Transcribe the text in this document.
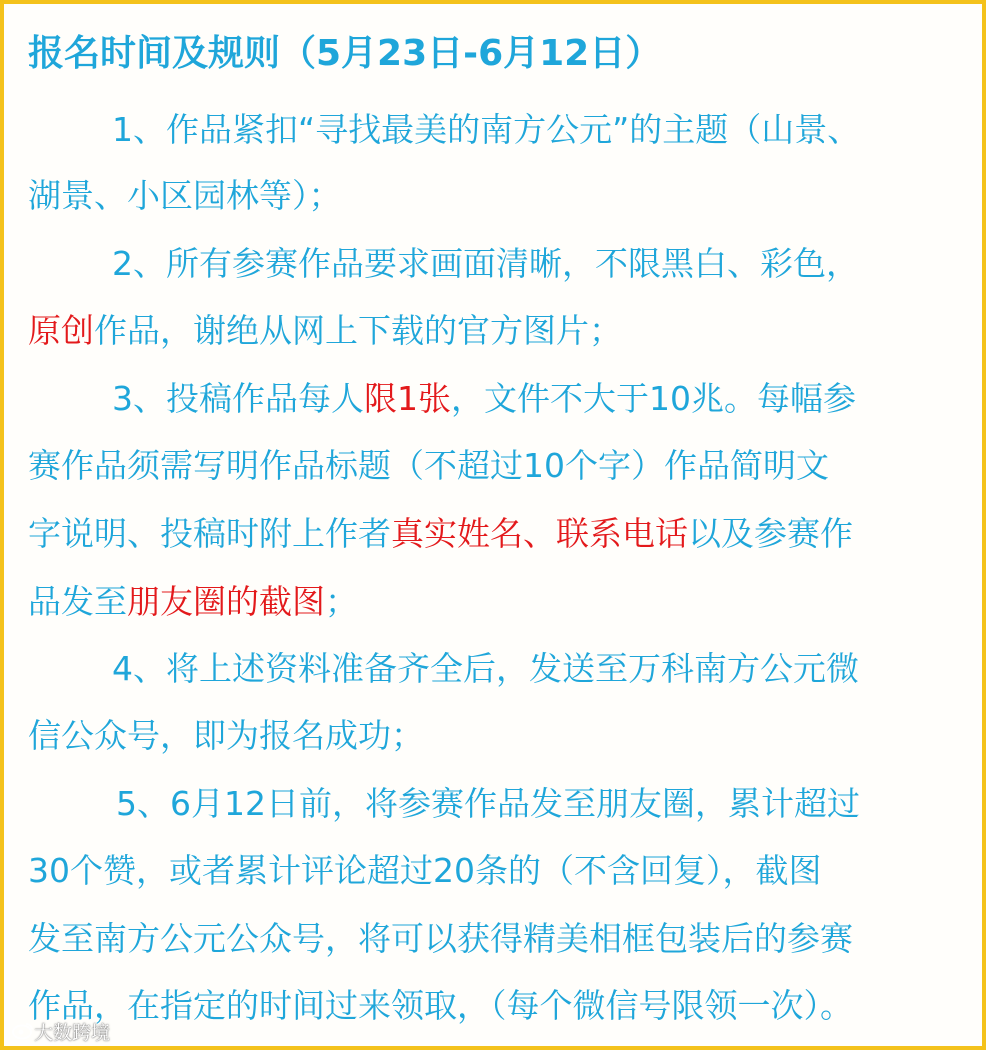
报名时间及规则（5月23日-6月12日）
1、作品紧扣“寻找最美的南方公元”的主题（山景、
湖景、小区园林等）；
2、所有参赛作品要求画面清晰，不限黑白、彩色，
原创作品，谢绝从网上下载的官方图片；
3、投稿作品每人限1张，文件不大于10兆。每幅参
赛作品须需写明作品标题（不超过10个字）作品简明文
字说明、投稿时附上作者真实姓名、联系电话以及参赛作
品发至朋友圈的截图；
4、将上述资料准备齐全后，发送至万科南方公元微
信公众号，即为报名成功；
5、6月12日前，将参赛作品发至朋友圈，累计超过
30个赞，或者累计评论超过20条的（不含回复），截图
发至南方公元公众号，将可以获得精美相框包装后的参赛
作品，在指定的时间过来领取，（每个微信号限领一次）。
大数跨境
